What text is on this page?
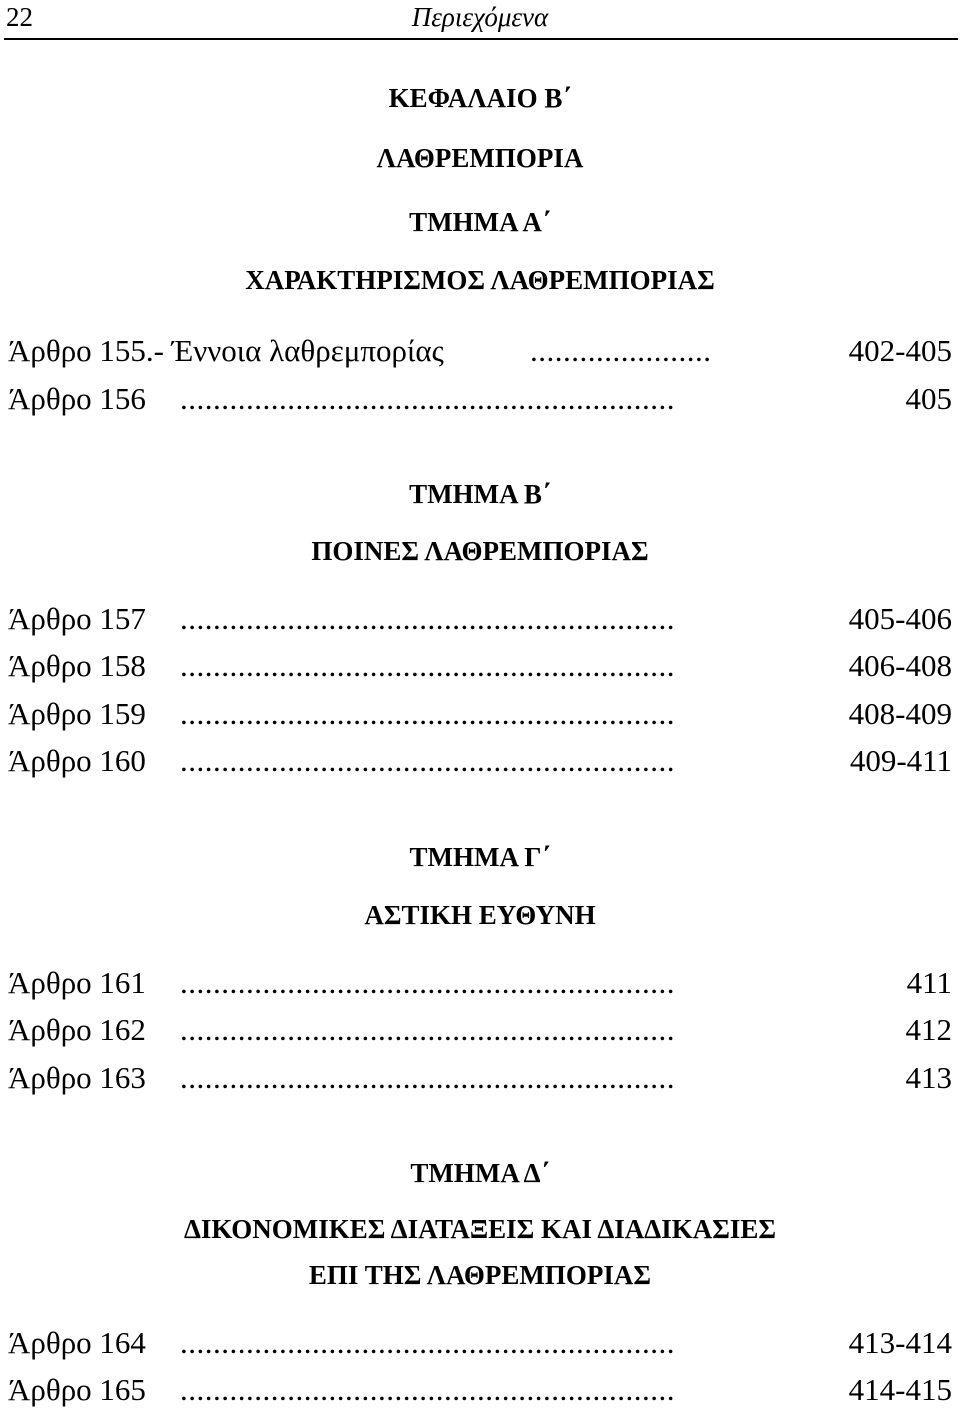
22	Περιεχόμενα
ΚΕΦΑΛΑΙΟ Β΄
ΛΑΘΡΕΜΠΟΡΙΑ
ΤΜΗΜΑ Α΄
ΧΑΡΑΚΤΗΡΙΣΜΟΣ ΛΑΘΡΕΜΠΟΡΙΑΣ
Άρθρο 155.- Έννοια λαθρεμπορίας	......................	402-405
Άρθρο 156 ............................................................	405
ΤΜΗΜΑ Β΄
ΠΟΙΝΕΣ ΛΑΘΡΕΜΠΟΡΙΑΣ
Άρθρο 157 ............................................................	405-406
Άρθρο 158 ............................................................	406-408
Άρθρο 159 ............................................................	408-409
Άρθρο 160 ............................................................	409-411
ΤΜΗΜΑ Γ΄
ΑΣΤΙΚΗ ΕΥΘΥΝΗ
Άρθρο 161 ............................................................	411
Άρθρο 162 ............................................................	412
Άρθρο 163 ............................................................	413
ΤΜΗΜΑ Δ΄
ΔΙΚΟΝΟΜΙΚΕΣ ΔΙΑΤΑΞΕΙΣ ΚΑΙ ΔΙΑΔΙΚΑΣΙΕΣ
ΕΠΙ ΤΗΣ ΛΑΘΡΕΜΠΟΡΙΑΣ
Άρθρο 164 ............................................................	413-414
Άρθρο 165 ............................................................	414-415
